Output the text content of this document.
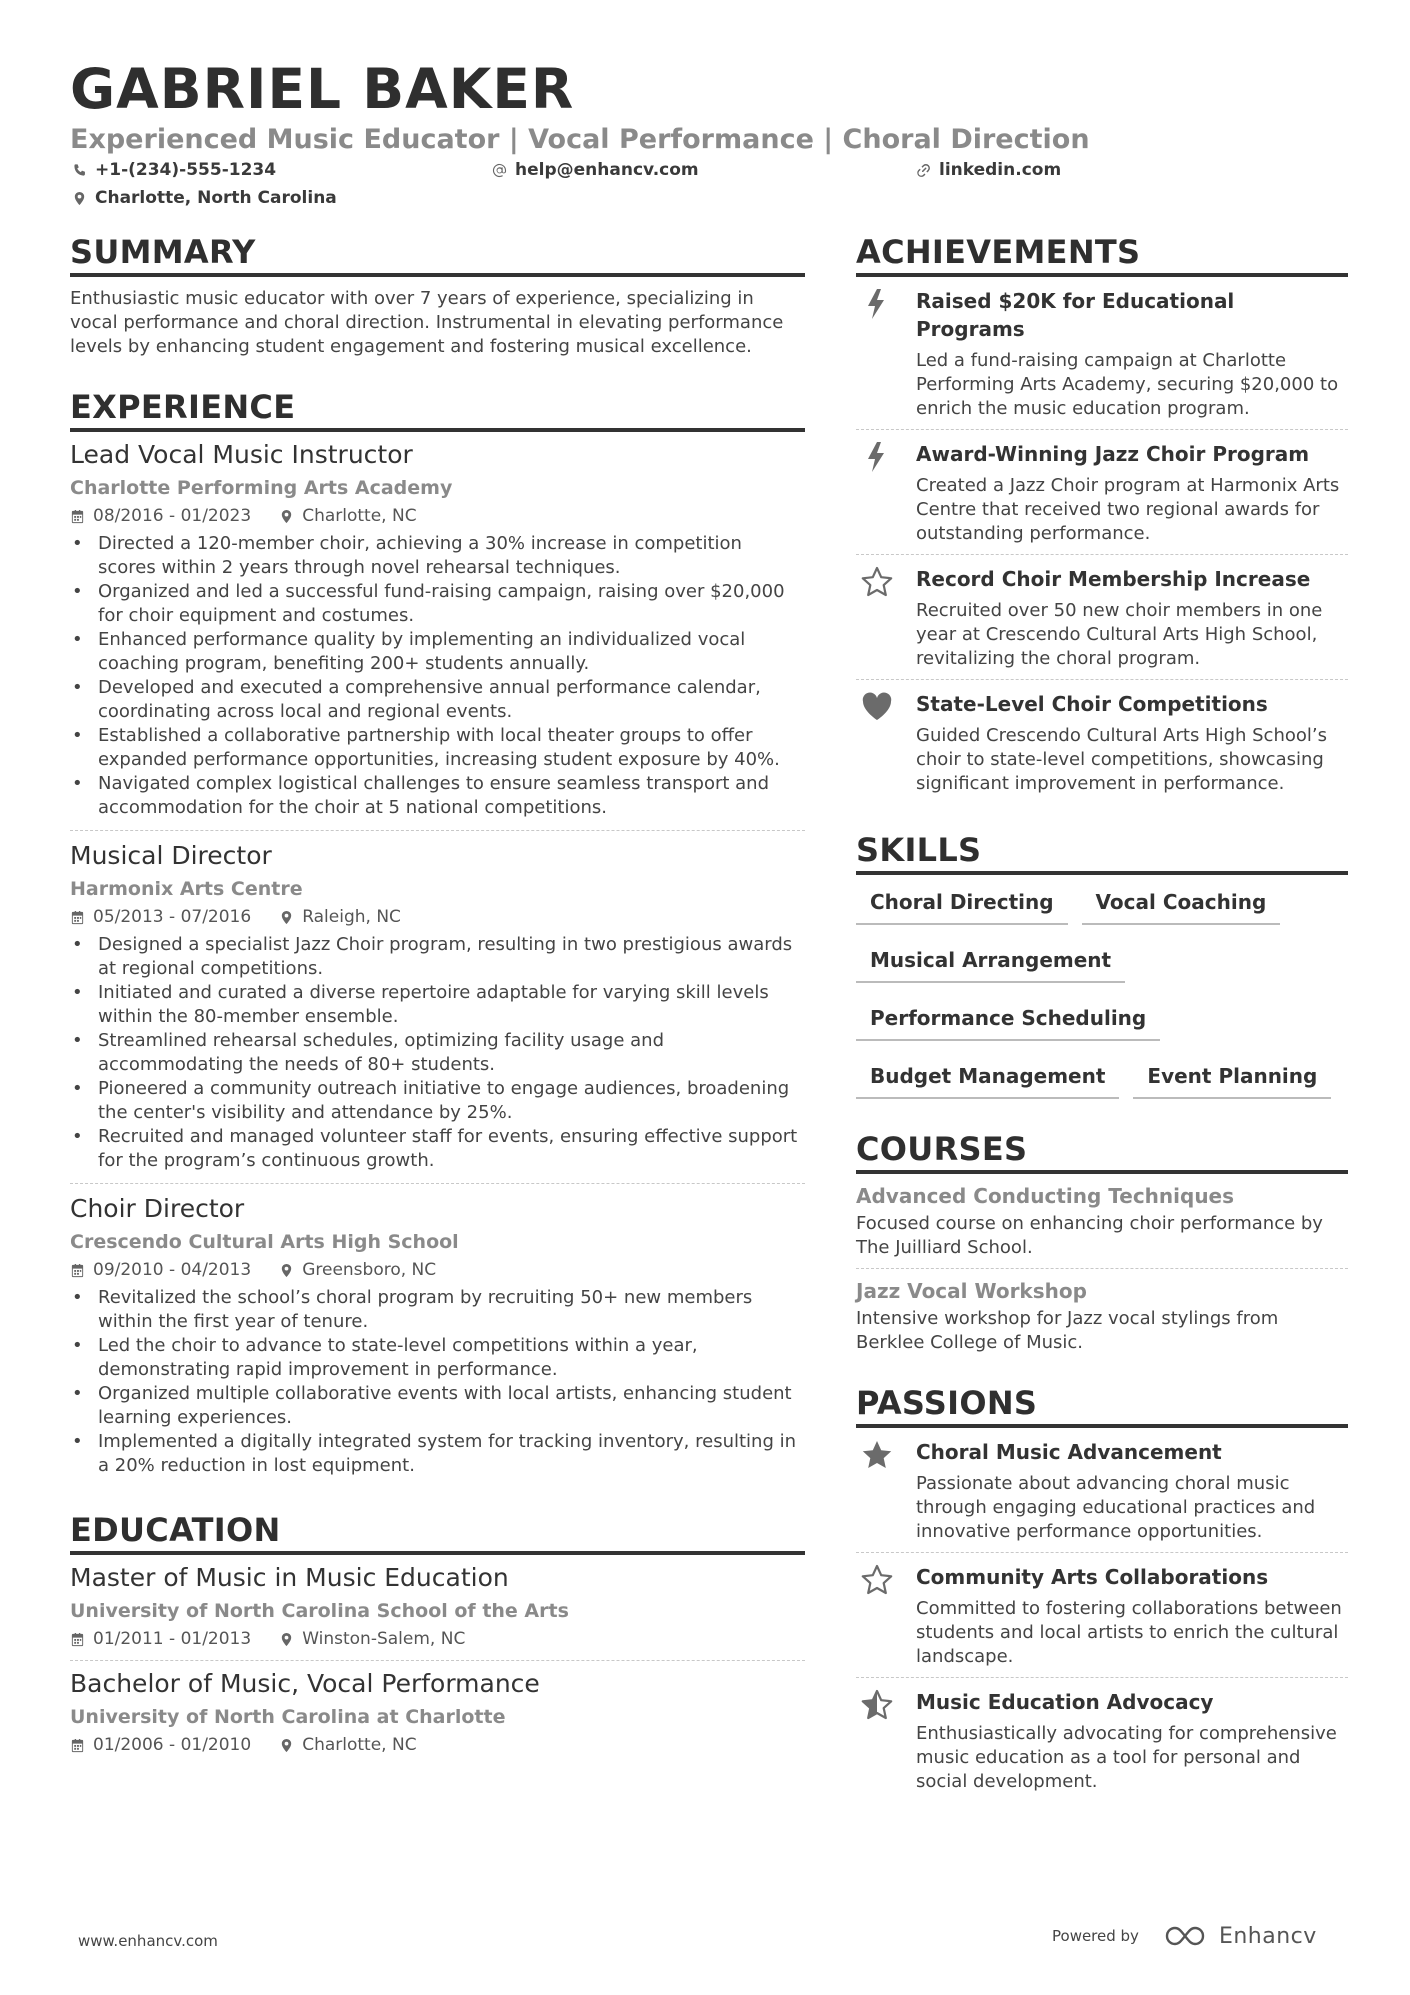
GABRIEL BAKER
Experienced Music Educator | Vocal Performance | Choral Direction
+1-(234)-555-1234	help@enhancv.com	linkedin.com
Charlotte, North Carolina
SUMMARY
Enthusiastic music educator with over 7 years of experience, specializing in vocal performance and choral direction. Instrumental in elevating performance levels by enhancing student engagement and fostering musical excellence.
EXPERIENCE
Lead Vocal Music Instructor
Charlotte Performing Arts Academy
08/2016 - 01/2023	Charlotte, NC
• Directed a 120-member choir, achieving a 30% increase in competition scores within 2 years through novel rehearsal techniques.
• Organized and led a successful fund-raising campaign, raising over $20,000 for choir equipment and costumes.
• Enhanced performance quality by implementing an individualized vocal coaching program, benefiting 200+ students annually.
• Developed and executed a comprehensive annual performance calendar, coordinating across local and regional events.
• Established a collaborative partnership with local theater groups to offer expanded performance opportunities, increasing student exposure by 40%.
• Navigated complex logistical challenges to ensure seamless transport and accommodation for the choir at 5 national competitions.
Musical Director
Harmonix Arts Centre
05/2013 - 07/2016	Raleigh, NC
• Designed a specialist Jazz Choir program, resulting in two prestigious awards at regional competitions.
• Initiated and curated a diverse repertoire adaptable for varying skill levels within the 80-member ensemble.
• Streamlined rehearsal schedules, optimizing facility usage and accommodating the needs of 80+ students.
• Pioneered a community outreach initiative to engage audiences, broadening the center's visibility and attendance by 25%.
• Recruited and managed volunteer staff for events, ensuring effective support for the program’s continuous growth.
Choir Director
Crescendo Cultural Arts High School
09/2010 - 04/2013	Greensboro, NC
• Revitalized the school’s choral program by recruiting 50+ new members within the first year of tenure.
• Led the choir to advance to state-level competitions within a year, demonstrating rapid improvement in performance.
• Organized multiple collaborative events with local artists, enhancing student learning experiences.
• Implemented a digitally integrated system for tracking inventory, resulting in a 20% reduction in lost equipment.
EDUCATION
Master of Music in Music Education
University of North Carolina School of the Arts
01/2011 - 01/2013	Winston-Salem, NC
Bachelor of Music, Vocal Performance
University of North Carolina at Charlotte
01/2006 - 01/2010	Charlotte, NC
ACHIEVEMENTS
Raised $20K for Educational Programs
Led a fund-raising campaign at Charlotte Performing Arts Academy, securing $20,000 to enrich the music education program.
Award-Winning Jazz Choir Program
Created a Jazz Choir program at Harmonix Arts Centre that received two regional awards for outstanding performance.
Record Choir Membership Increase
Recruited over 50 new choir members in one year at Crescendo Cultural Arts High School, revitalizing the choral program.
State-Level Choir Competitions
Guided Crescendo Cultural Arts High School’s choir to state-level competitions, showcasing significant improvement in performance.
SKILLS
Choral Directing	Vocal Coaching
Musical Arrangement
Performance Scheduling
Budget Management	Event Planning
COURSES
Advanced Conducting Techniques
Focused course on enhancing choir performance by The Juilliard School.
Jazz Vocal Workshop
Intensive workshop for Jazz vocal stylings from Berklee College of Music.
PASSIONS
Choral Music Advancement
Passionate about advancing choral music through engaging educational practices and innovative performance opportunities.
Community Arts Collaborations
Committed to fostering collaborations between students and local artists to enrich the cultural landscape.
Music Education Advocacy
Enthusiastically advocating for comprehensive music education as a tool for personal and social development.
www.enhancv.com	Powered by	Enhancv
